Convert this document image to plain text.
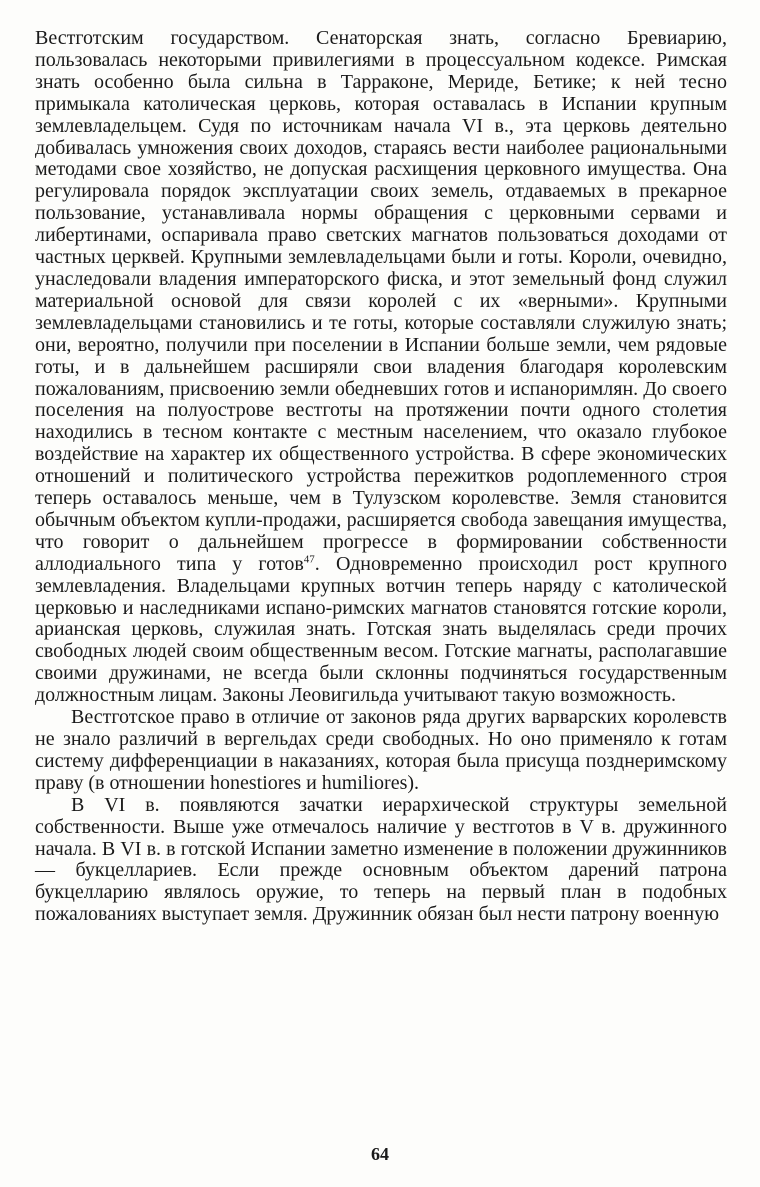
Вестготским государством. Сенаторская знать, согласно Бревиарию, пользовалась некоторыми привилегиями в процессуальном кодексе. Римская знать особенно была сильна в Тарраконе, Мериде, Бетике; к ней тесно примыкала католическая церковь, которая оставалась в Испании крупным землевладельцем. Судя по источникам начала VI в., эта церковь деятельно добивалась умножения своих доходов, стараясь вести наиболее рациональными методами свое хозяйство, не допуская расхищения церковного имущества. Она регулировала порядок эксплуатации своих земель, отдаваемых в прекарное пользование, устанавливала нормы обращения с церковными сервами и либертинами, оспаривала право светских магнатов пользоваться доходами от частных церквей. Крупными землевладельцами были и готы. Короли, очевидно, унаследовали владения императорского фиска, и этот земельный фонд служил материальной основой для связи королей с их «верными». Крупными землевладельцами становились и те готы, которые составляли служилую знать; они, вероятно, получили при поселении в Испании больше земли, чем рядовые готы, и в дальнейшем расширяли свои владения благодаря королевским пожалованиям, присвоению земли обедневших готов и испаноримлян. До своего поселения на полуострове вестготы на протяжении почти одного столетия находились в тесном контакте с местным населением, что оказало глубокое воздействие на характер их общественного устройства. В сфере экономических отношений и политического устройства пережитков родоплеменного строя теперь оставалось меньше, чем в Тулузском королевстве. Земля становится обычным объектом купли-продажи, расширяется свобода завещания имущества, что говорит о дальнейшем прогрессе в формировании собственности аллодиального типа у готов$^{47}$. Одновременно происходил рост крупного землевладения. Владельцами крупных вотчин теперь наряду с католической церковью и наследниками испано-римских магнатов становятся готские короли, арианская церковь, служилая знать. Готская знать выделялась среди прочих свободных людей своим общественным весом. Готские магнаты, располагавшие своими дружинами, не всегда были склонны подчиняться государственным должностным лицам. Законы Леовигильда учитывают такую возможность.

Вестготское право в отличие от законов ряда других варварских королевств не знало различий в вергельдах среди свободных. Но оно применяло к готам систему дифференциации в наказаниях, которая была присуща позднеримскому праву (в отношении honestiores и humiliores).

В VI в. появляются зачатки иерархической структуры земельной собственности. Выше уже отмечалось наличие у вестготов в V в. дружинного начала. В VI в. в готской Испании заметно изменение в положении дружинников — букцеллариев. Если прежде основным объектом дарений патрона букцелларию являлось оружие, то теперь на первый план в подобных пожалованиях выступает земля. Дружинник обязан был нести патрону военную

64
